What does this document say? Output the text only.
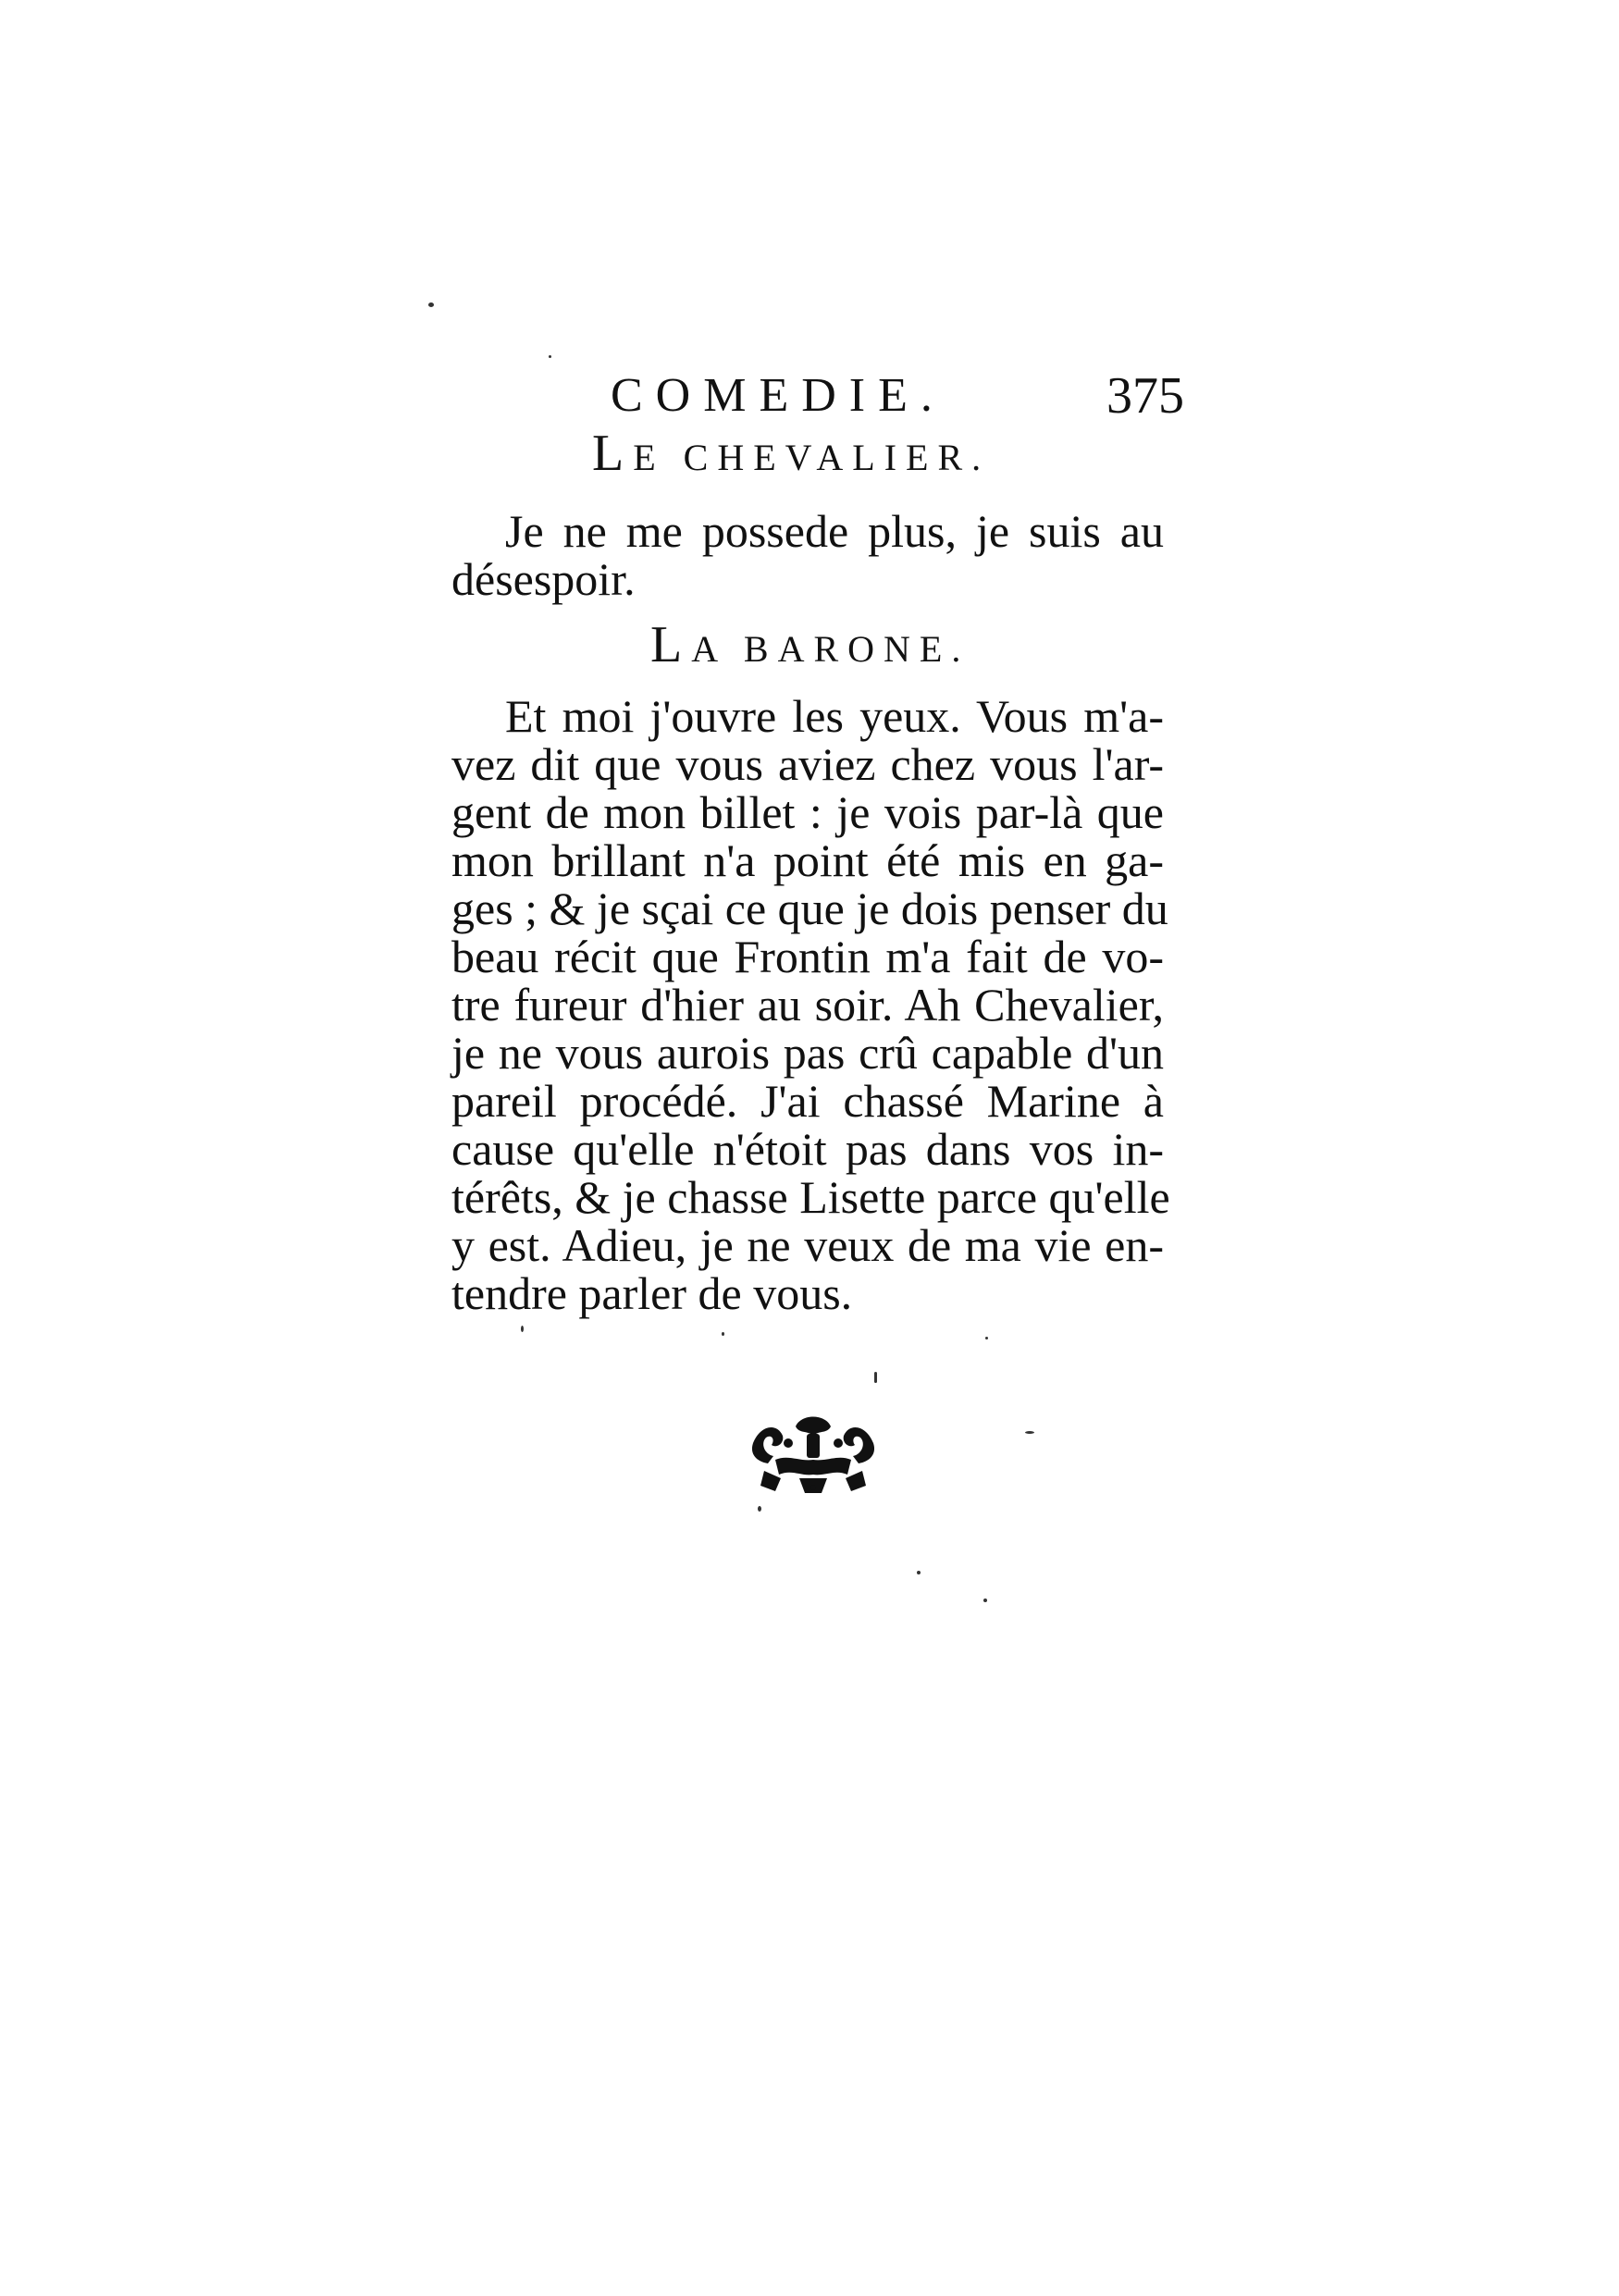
COMEDIE.	375
LE CHEVALIER.

Je ne me possede plus, je suis au
désespoir.

LA BARONE.

Et moi j'ouvre les yeux. Vous m'a-
vez dit que vous aviez chez vous l'ar-
gent de mon billet : je vois par-là que
mon brillant n'a point été mis en ga-
ges ; & je sçai ce que je dois penser du
beau récit que Frontin m'a fait de vo-
tre fureur d'hier au soir. Ah Chevalier,
je ne vous aurois pas crû capable d'un
pareil procédé. J'ai chassé Marine à
cause qu'elle n'étoit pas dans vos in-
térêts, & je chasse Lisette parce qu'elle
y est. Adieu, je ne veux de ma vie en-
tendre parler de vous.
